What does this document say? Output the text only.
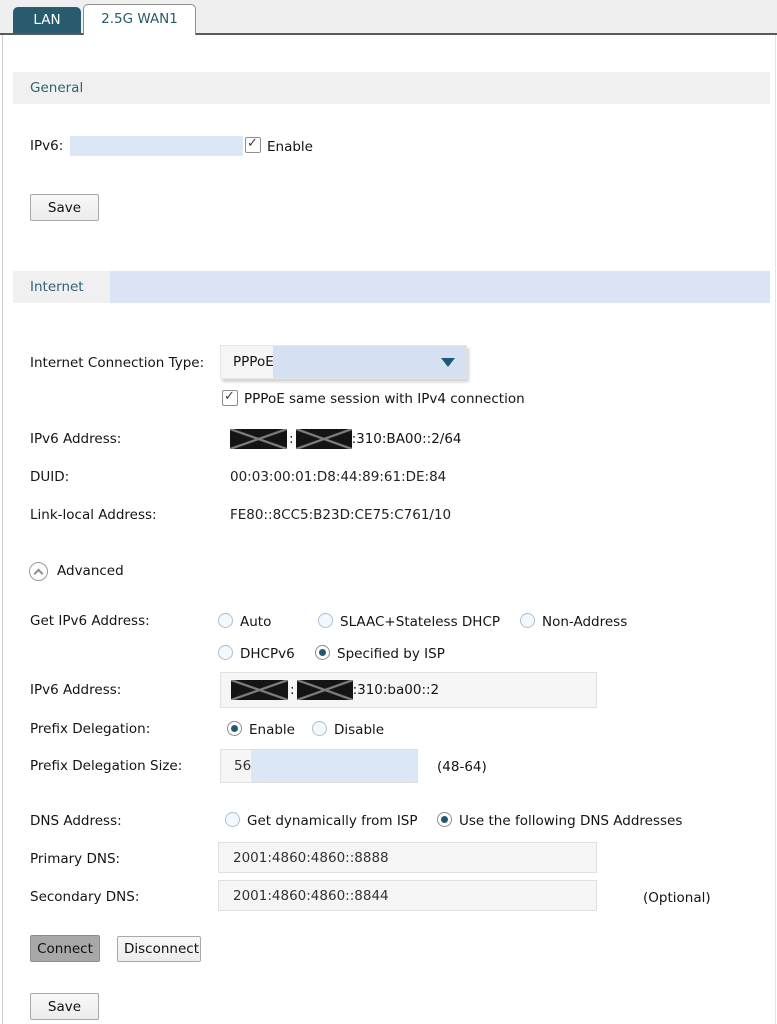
LAN	2.5G WAN1
General
IPv6: ✓	Enable
Save
Internet
Internet Connection Type: PPPoE
✓
PPPoE same session with IPv4 connection
IPv6 Address:	:	:310:BA00::2/64
DUID:	00:03:00:01:D8:44:89:61:DE:84
Link-local Address:	FE80::8CC5:B23D:CE75:C761/10
Advanced
Get IPv6 Address:	Auto	SLAAC+Stateless DHCP	Non-Address
DHCPv6	Specified by ISP
IPv6 Address:	:	:310:ba00::2
Prefix Delegation:	Enable	Disable
Prefix Delegation Size:	56	(48-64)
DNS Address:	Get dynamically from ISP	Use the following DNS Addresses
Primary DNS:	2001:4860:4860::8888
Secondary DNS:	2001:4860:4860::8844	(Optional)
Connect	Disconnect
Save
